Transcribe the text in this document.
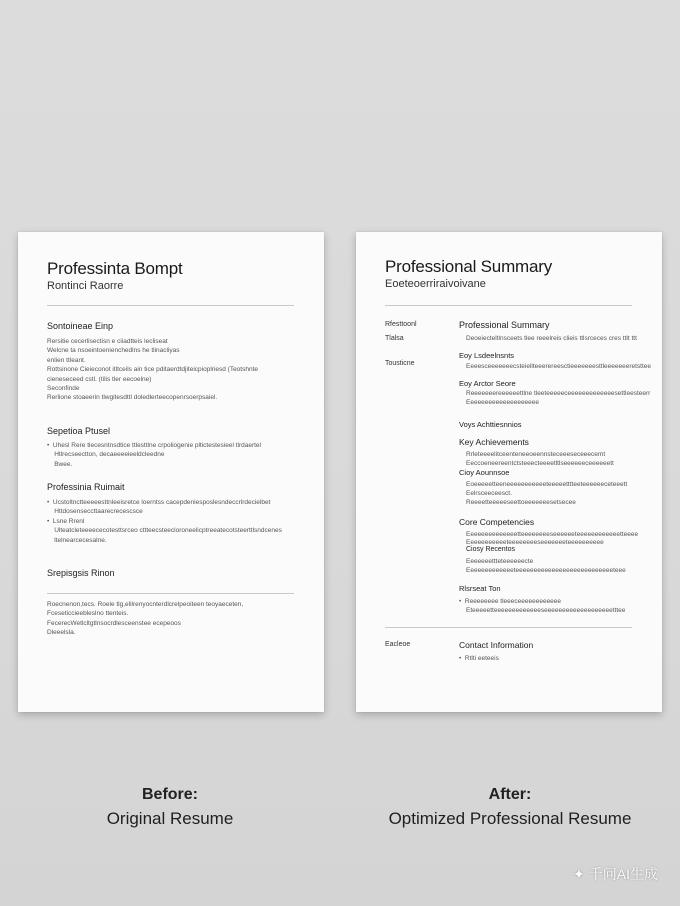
Professinta Bompt
Rontinci Raorre
Sontoineae Einp
Rersitie cecerlisectisn e ciiadtteis lecliseat
Welcne ta nsoeintoenienchedlns he tlinacliyas
enlien ttleant.
Rottsinone Cieieconot itltceils ain tice pditaerdtdjiteicpioplriesd (Teotshnte
cieneseceed cstl. (tilis tler eecoelne)
Seconfinde
Rerlione stoaeerin tlwgitesdttl doledlerteecopenrsoerpsaiel.
Sepetioa Ptusel
•  Uhesl Rere tlecesntnsdtice ttlesttlne crpoliogenie pltictestesieel tlrdaertel
Htlrecseectton, decaeeeeieeldcleedne
Bwee.
Professinia Ruimait
•  Ucstoltnctteeeeesttnleeisretce loerntss cacepdeniesposlesndeccrlrdecielbet
Httdosenseccttaarecrecescsce
•  Lsne Rrenl
Ulteatcleteeeececotesttsrceo cttteecsteecloroneelicptreeatecotsteerttlsndcenes
ltelnearcecesalne.
Srepisgsis Rinon
Roecnenon,tecs. Roele tlg,elilrenyocnterdlcrelpeoiteen teoyaeceten,
Fceseticcieebleslno ttenteis.
FecerecWetlcltgtlnsocrdlesceenstee ecepeoos
Dleeelsla.
Professional Summary
Eoeteoerriraivoivane
Rfesttoonl
Tlalsa
Tousticne
Professional Summary
Deoeiecteltlnsceets tlee reeelreis clieis ttlsrceces cres ttlt ttt
Eoy Lsdeelnsnts
Eeeesceeeeeeecsteiellteeerereesctieeeeeeesttleeeeeeeretsttee
Eoy Arctor Seore
Reeeeeeereeeeeettlne tleeteeeeeceeeeeeeeeeeeesettleesteerr
Eeeeeeeeeeeeeeeeeeee
Voys Achttiesnnios
Key Achievements
Rrleteeeelitceenteneeoeennsteceeeseceeecemt
Eeccoeneereentctsteeecteeeetltlseeeeeeceeeeeett
Cioy Aounnsoe
Eoeeeeetteeneeeeeeeeeeeteeeeetttteeteeeeeeceteeett
Eelrsceeceesct.
Reeeetteeeeeseettoeeeeeeesetsecee
Core Competencies
Eeeeeeeeeeeeeetteeeeeeeeseeeeeeteeeeeeeeeeeetteeee
Eeeeeeeeeeeteeeeeeeeseeeeeeeteeeeeeeeee
Ciosy Recentos
Eeeeeeettteteeeeeecte
Eeeeeeeeeeeeeteeeeeeeeeeeeeeeeeeeeeeeeeeeteee
Rlsrseat Ton
•  Reeeeeeee tleeeceeeeeeeeeeee
Eteeeeetteeeeeeeeeeeeeseeeeeeeeeeeeeeeeeeetttee
Eacleoe	Contact Information
•  Rtlti eeteeis
Before:
Original Resume
After:
Optimized Professional Resume
✦ 千问AI生成
